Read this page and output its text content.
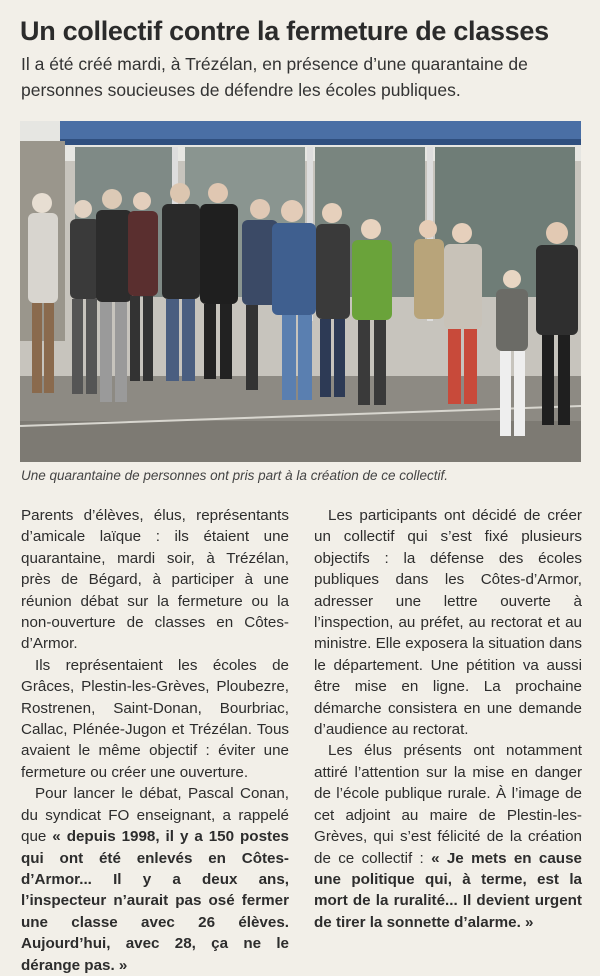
Un collectif contre la fermeture de classes
Il a été créé mardi, à Trézélan, en présence d’une quarantaine de personnes soucieuses de défendre les écoles publiques.
Une quarantaine de personnes ont pris part à la création de ce collectif.

Parents d’élèves, élus, représentants d’amicale laïque : ils étaient une quarantaine, mardi soir, à Trézélan, près de Bégard, à participer à une réunion débat sur la fermeture ou la non-ouverture de classes en Côtes-d’Armor.

Ils représentaient les écoles de Grâces, Plestin-les-Grèves, Ploubezre, Rostrenen, Saint-Donan, Bourbriac, Callac, Plénée-Jugon et Trézélan. Tous avaient le même objectif : éviter une fermeture ou créer une ouverture.

Pour lancer le débat, Pascal Conan, du syndicat FO enseignant, a rappelé que « depuis 1998, il y a 150 postes qui ont été enlevés en Côtes-d’Armor... Il y a deux ans, l’inspecteur n’aurait pas osé fermer une classe avec 26 élèves. Aujourd’hui, avec 28, ça ne le dérange pas. »

Les participants ont décidé de créer un collectif qui s’est fixé plusieurs objectifs : la défense des écoles publiques dans les Côtes-d’Armor, adresser une lettre ouverte à l’inspection, au préfet, au rectorat et au ministre. Elle exposera la situation dans le département. Une pétition va aussi être mise en ligne. La prochaine démarche consistera en une demande d’audience au rectorat.

Les élus présents ont notamment attiré l’attention sur la mise en danger de l’école publique rurale. À l’image de cet adjoint au maire de Plestin-les-Grèves, qui s’est félicité de la création de ce collectif : « Je mets en cause une politique qui, à terme, est la mort de la ruralité... Il devient urgent de tirer la sonnette d’alarme. »
